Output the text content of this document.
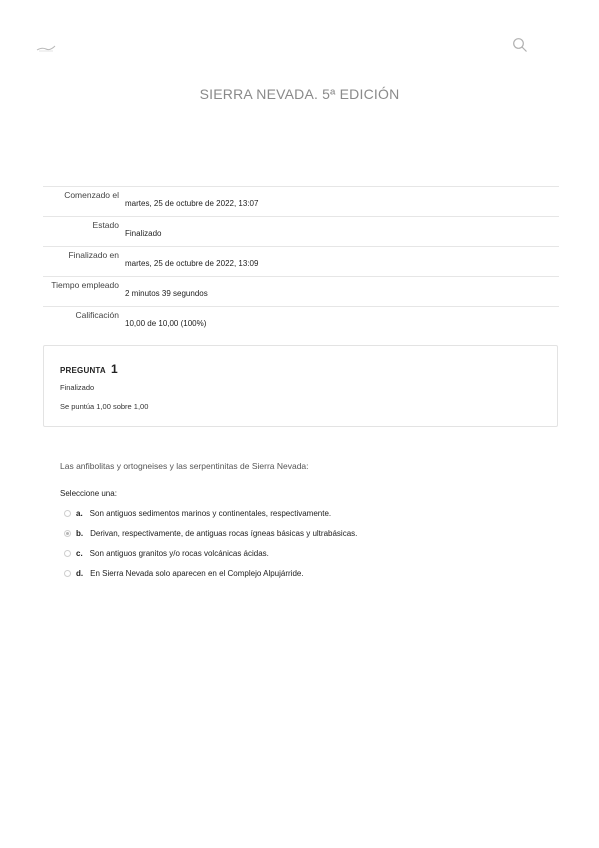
SIERRA NEVADA. 5ª EDICIÓN
Comenzado el
martes, 25 de octubre de 2022, 13:07
Estado
Finalizado
Finalizado en
martes, 25 de octubre de 2022, 13:09
Tiempo empleado
2 minutos 39 segundos
Calificación
10,00 de 10,00 (100%)
PREGUNTA 1
Finalizado
Se puntúa 1,00 sobre 1,00
Las anfibolitas y ortogneises y las serpentinitas de Sierra Nevada:
Seleccione una:
a. Son antiguos sedimentos marinos y continentales, respectivamente.
b. Derivan, respectivamente, de antiguas rocas ígneas básicas y ultrabásicas.
c. Son antiguos granitos y/o rocas volcánicas ácidas.
d. En Sierra Nevada solo aparecen en el Complejo Alpujárride.
